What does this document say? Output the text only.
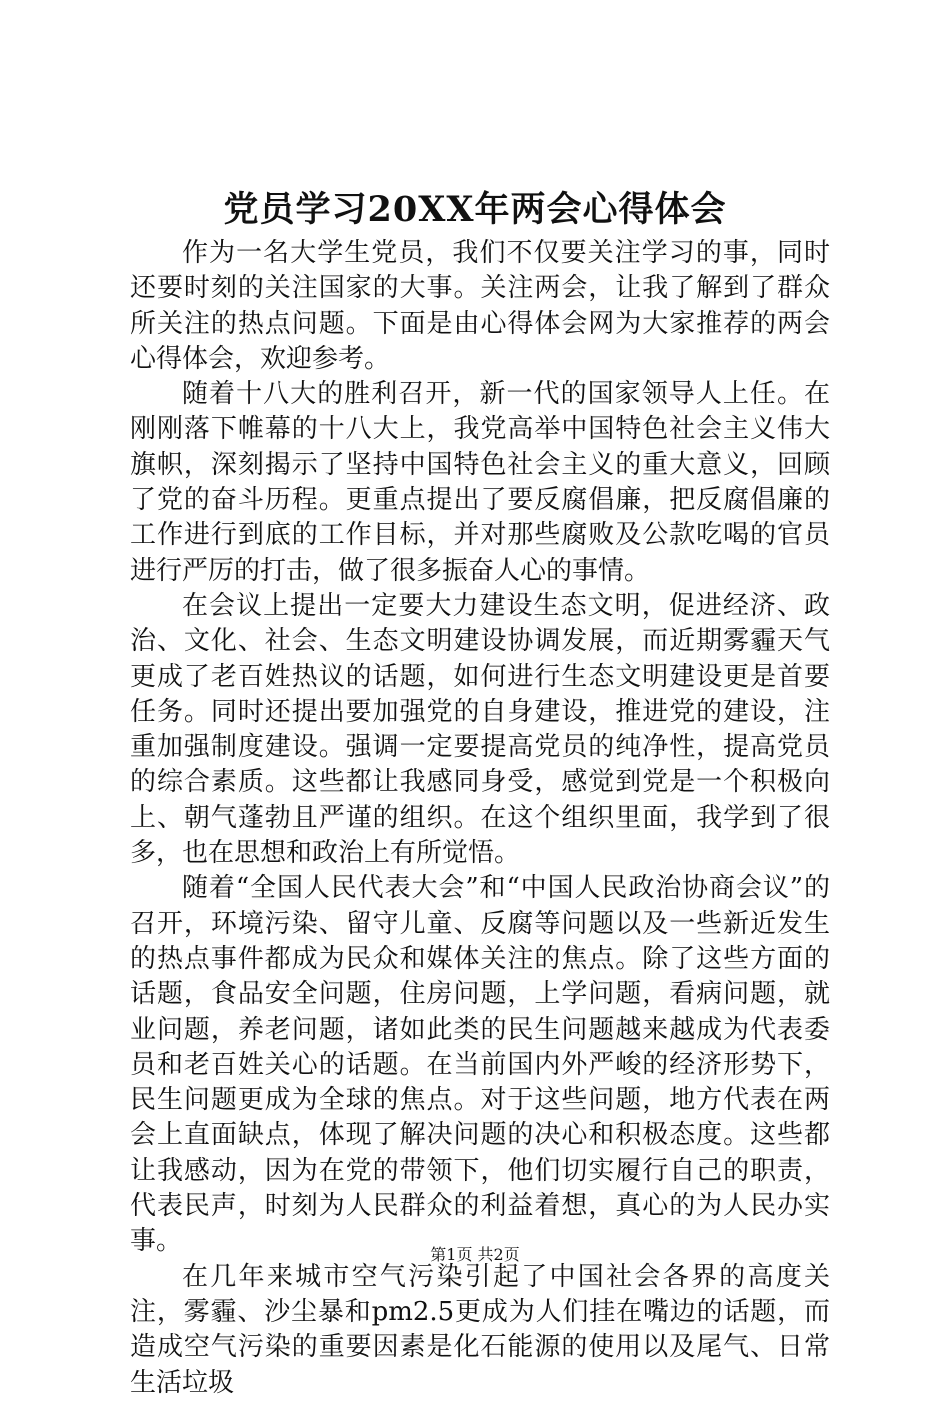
党员学习20XX年两会心得体会

作为一名大学生党员，我们不仅要关注学习的事，同时还要时刻的关注国家的大事。关注两会，让我了解到了群众所关注的热点问题。下面是由心得体会网为大家推荐的两会心得体会，欢迎参考。

随着十八大的胜利召开，新一代的国家领导人上任。在刚刚落下帷幕的十八大上，我党高举中国特色社会主义伟大旗帜，深刻揭示了坚持中国特色社会主义的重大意义，回顾了党的奋斗历程。更重点提出了要反腐倡廉，把反腐倡廉的工作进行到底的工作目标，并对那些腐败及公款吃喝的官员进行严厉的打击，做了很多振奋人心的事情。

在会议上提出一定要大力建设生态文明，促进经济、政治、文化、社会、生态文明建设协调发展，而近期雾霾天气更成了老百姓热议的话题，如何进行生态文明建设更是首要任务。同时还提出要加强党的自身建设，推进党的建设，注重加强制度建设。强调一定要提高党员的纯净性，提高党员的综合素质。这些都让我感同身受，感觉到党是一个积极向上、朝气蓬勃且严谨的组织。在这个组织里面，我学到了很多，也在思想和政治上有所觉悟。

随着“全国人民代表大会”和“中国人民政治协商会议”的召开，环境污染、留守儿童、反腐等问题以及一些新近发生的热点事件都成为民众和媒体关注的焦点。除了这些方面的话题，食品安全问题，住房问题，上学问题，看病问题，就业问题，养老问题，诸如此类的民生问题越来越成为代表委员和老百姓关心的话题。在当前国内外严峻的经济形势下，民生问题更成为全球的焦点。对于这些问题，地方代表在两会上直面缺点，体现了解决问题的决心和积极态度。这些都让我感动，因为在党的带领下，他们切实履行自己的职责，代表民声，时刻为人民群众的利益着想，真心的为人民办实事。

在几年来城市空气污染引起了中国社会各界的高度关注，雾霾、沙尘暴和pm2.5更成为人们挂在嘴边的话题，而造成空气污染的重要因素是化石能源的使用以及尾气、日常生活垃圾

第1页 共2页
